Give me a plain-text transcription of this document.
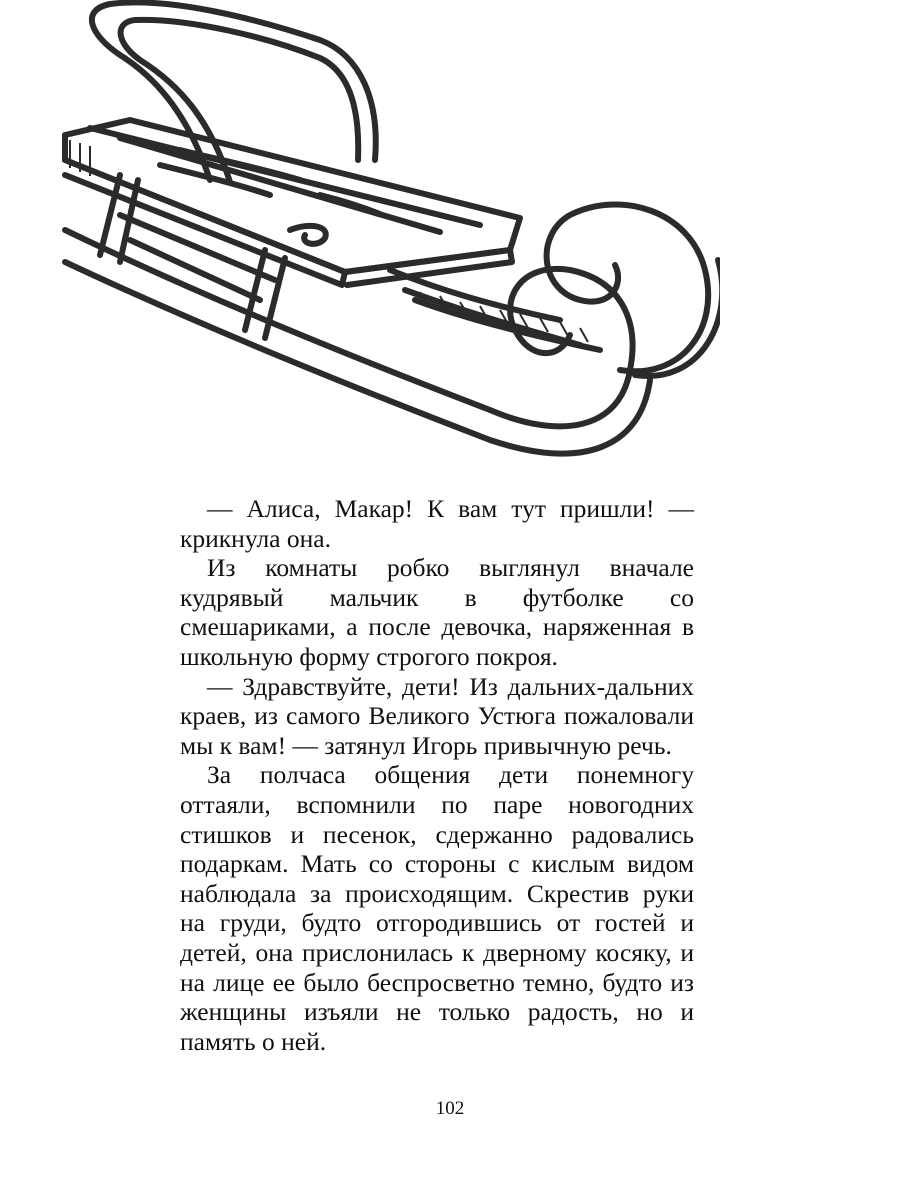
— Алиса, Макар! К вам тут пришли! — крикнула она.

Из комнаты робко выглянул вначале кудрявый мальчик в футболке со смешариками, а после девочка, наряженная в школьную форму строгого покроя.

— Здравствуйте, дети! Из дальних-дальних краев, из самого Великого Устюга пожаловали мы к вам! — затянул Игорь привычную речь.

За полчаса общения дети понемногу оттаяли, вспомнили по паре новогодних стишков и песенок, сдержанно радовались подаркам. Мать со стороны с кислым видом наблюдала за происходящим. Скрестив руки на груди, будто отгородившись от гостей и детей, она прислонилась к дверному косяку, и на лице ее было беспросветно темно, будто из женщины изъяли не только радость, но и память о ней.

102
